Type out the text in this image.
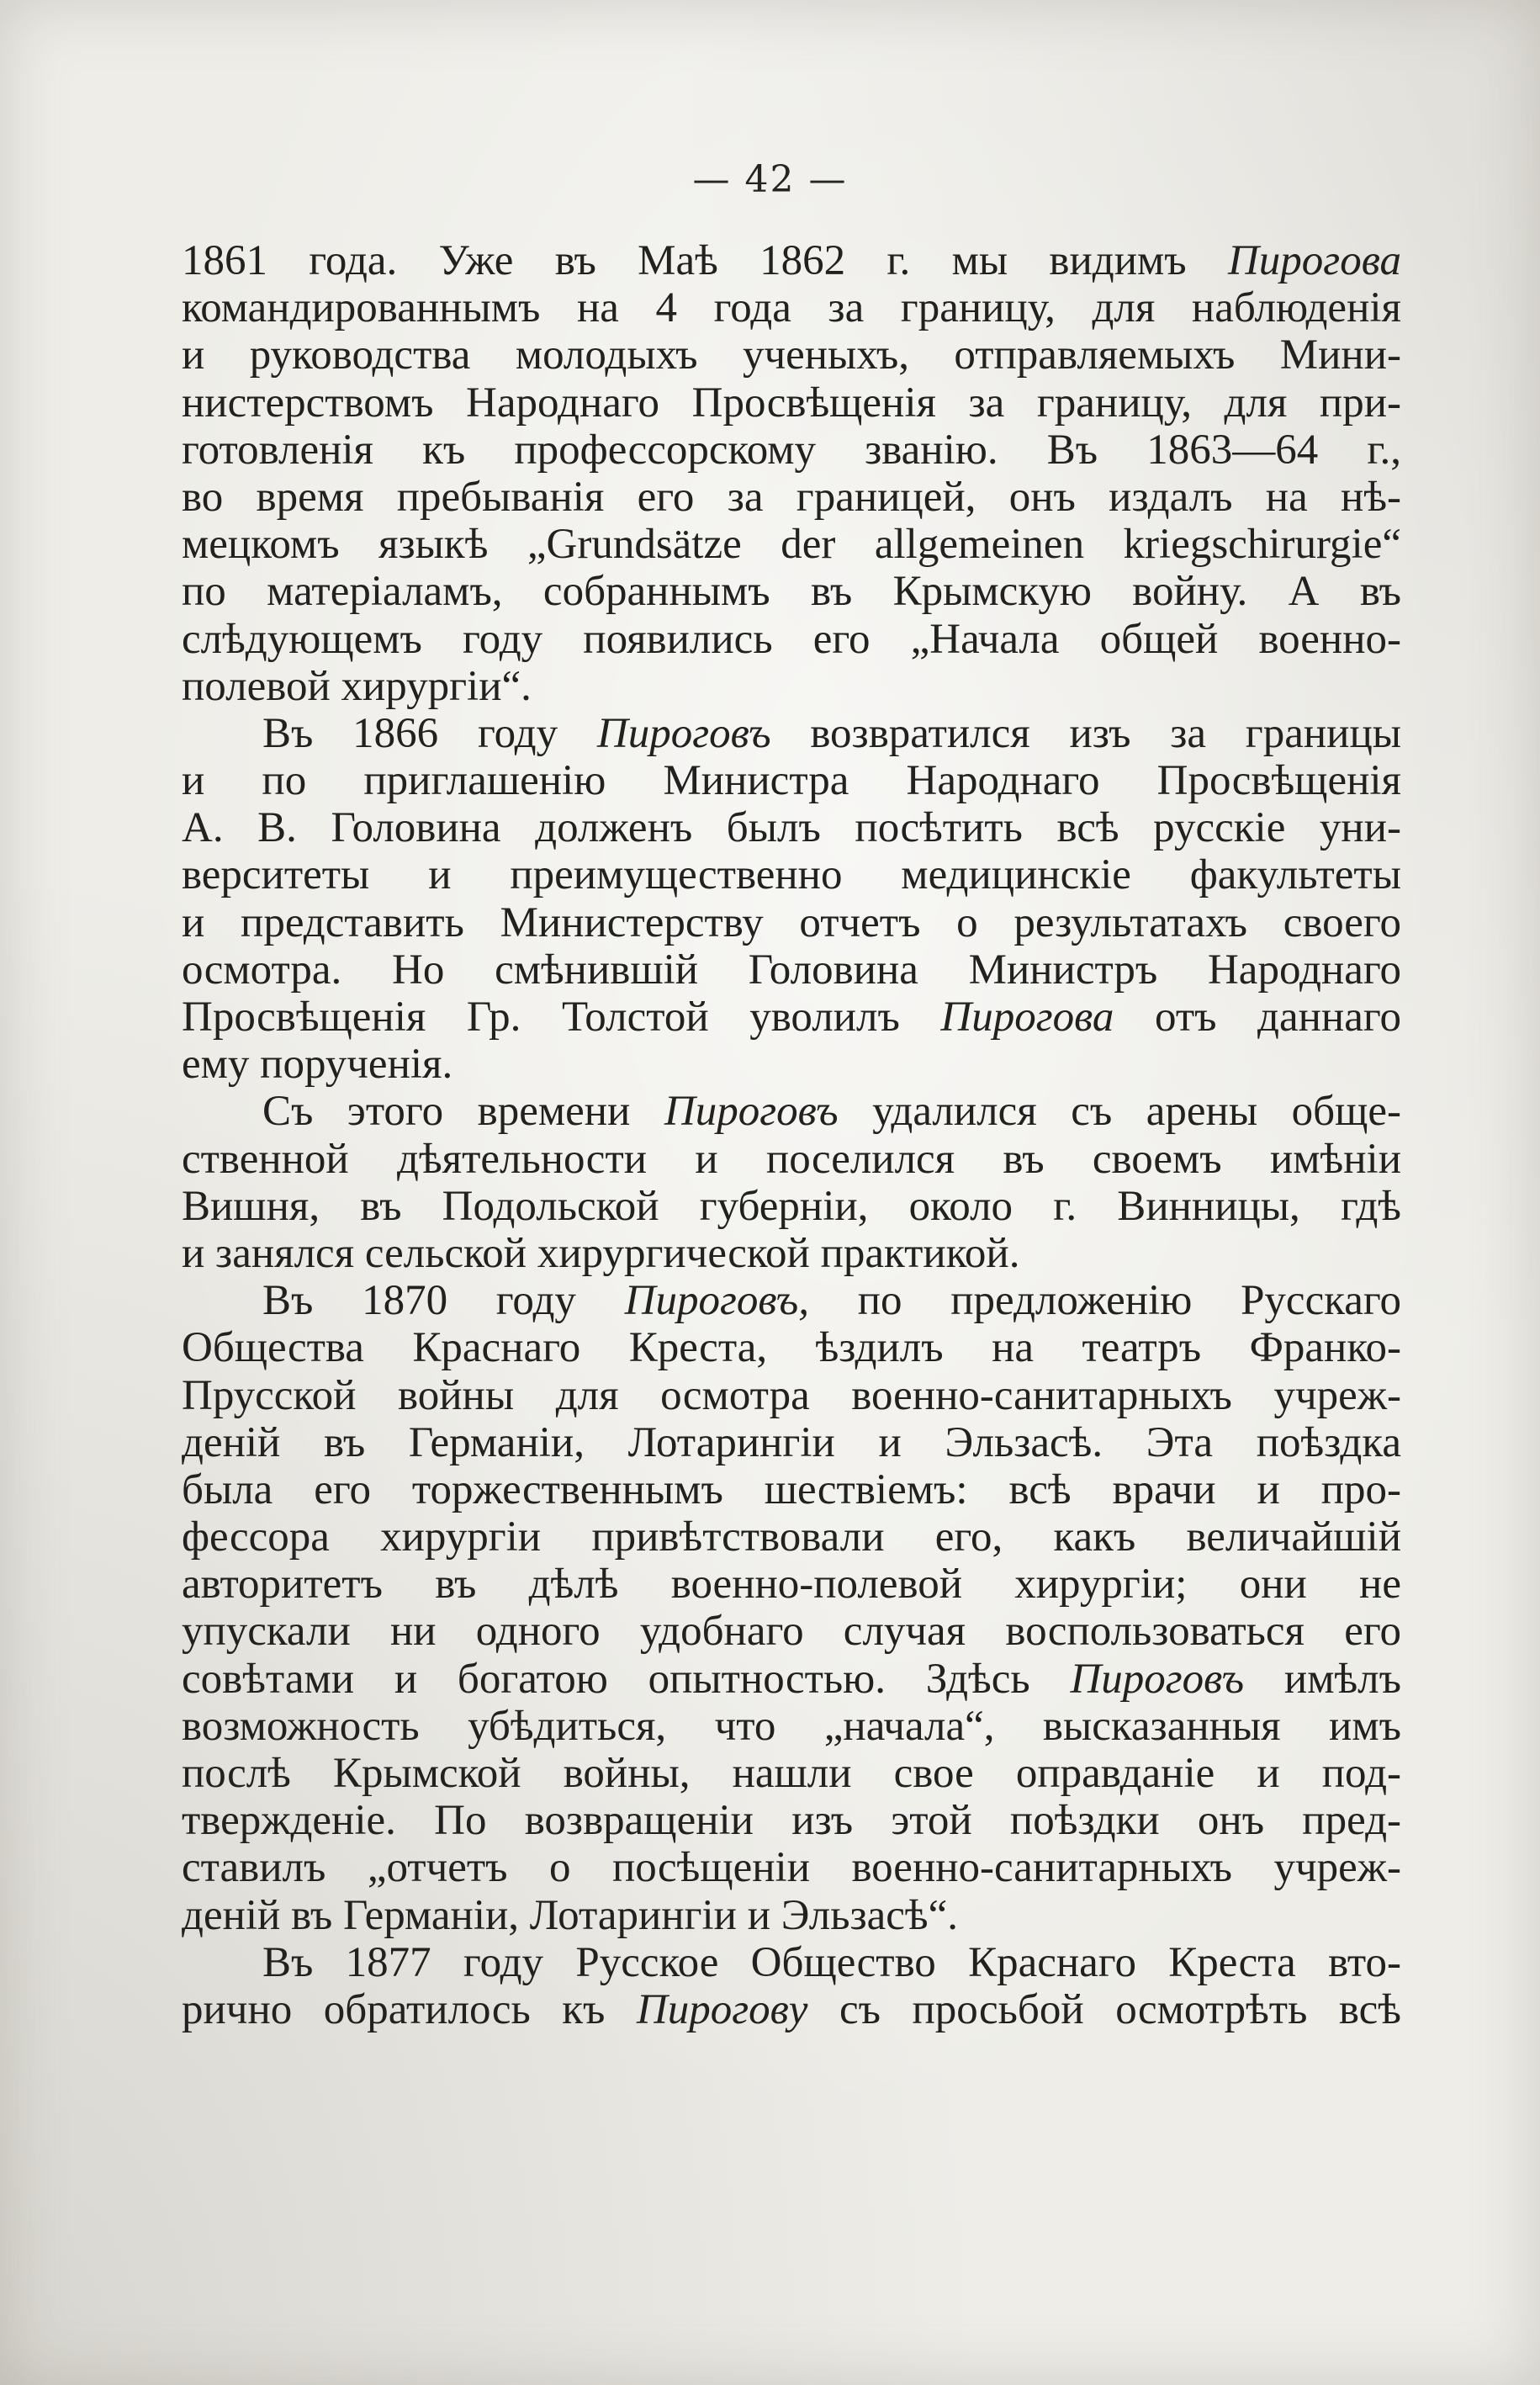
— 42 —
1861 года. Уже въ Маѣ 1862 г. мы видимъ Пирогова
командированнымъ на 4 года за границу, для наблюденія
и руководства молодыхъ ученыхъ, отправляемыхъ Мини-
нистерствомъ Народнаго Просвѣщенія за границу, для при-
готовленія къ профессорскому званію. Въ 1863—64 г.,
во время пребыванія его за границей, онъ издалъ на нѣ-
мецкомъ языкѣ „Grundsätze der allgemeinen kriegschirurgie“
по матеріаламъ, собраннымъ въ Крымскую войну. А въ
слѣдующемъ году появились его „Начала общей военно-
полевой хирургіи“.
Въ 1866 году Пироговъ возвратился изъ за границы
и по приглашенію Министра Народнаго Просвѣщенія
А. В. Головина долженъ былъ посѣтить всѣ русскіе уни-
верситеты и преимущественно медицинскіе факультеты
и представить Министерству отчетъ о результатахъ своего
осмотра. Но смѣнившій Головина Министръ Народнаго
Просвѣщенія Гр. Толстой уволилъ Пирогова отъ даннаго
ему порученія.
Съ этого времени Пироговъ удалился съ арены обще-
ственной дѣятельности и поселился въ своемъ имѣніи
Вишня, въ Подольской губерніи, около г. Винницы, гдѣ
и занялся сельской хирургической практикой.
Въ 1870 году Пироговъ, по предложенію Русскаго
Общества Краснаго Креста, ѣздилъ на театръ Франко-
Прусской войны для осмотра военно-санитарныхъ учреж-
деній въ Германіи, Лотарингіи и Эльзасѣ. Эта поѣздка
была его торжественнымъ шествіемъ: всѣ врачи и про-
фессора хирургіи привѣтствовали его, какъ величайшій
авторитетъ въ дѣлѣ военно-полевой хирургіи; они не
упускали ни одного удобнаго случая воспользоваться его
совѣтами и богатою опытностью. Здѣсь Пироговъ имѣлъ
возможность убѣдиться, что „начала“, высказанныя имъ
послѣ Крымской войны, нашли свое оправданіе и под-
твержденіе. По возвращеніи изъ этой поѣздки онъ пред-
ставилъ „отчетъ о посѣщеніи военно-санитарныхъ учреж-
деній въ Германіи, Лотарингіи и Эльзасѣ“.
Въ 1877 году Русское Общество Краснаго Креста вто-
рично обратилось къ Пирогову съ просьбой осмотрѣть всѣ
